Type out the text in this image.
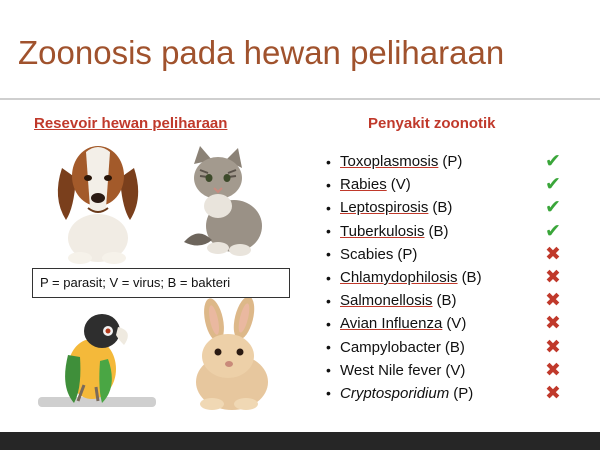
Zoonosis pada hewan peliharaan
Resevoir hewan peliharaan	Penyakit zoonotik
P = parasit; V = virus; B = bakteri
• Toxoplasmosis (P)
• Rabies (V)
• Leptospirosis (B)
• Tuberkulosis (B)
• Scabies (P)
• Chlamydophilosis (B)
• Salmonellosis (B)
• Avian Influenza (V)
• Campylobacter (B)
• West Nile fever (V)
• Cryptosporidium (P)
✔
✔
✔
✔
✖
✖
✖
✖
✖
✖
✖
